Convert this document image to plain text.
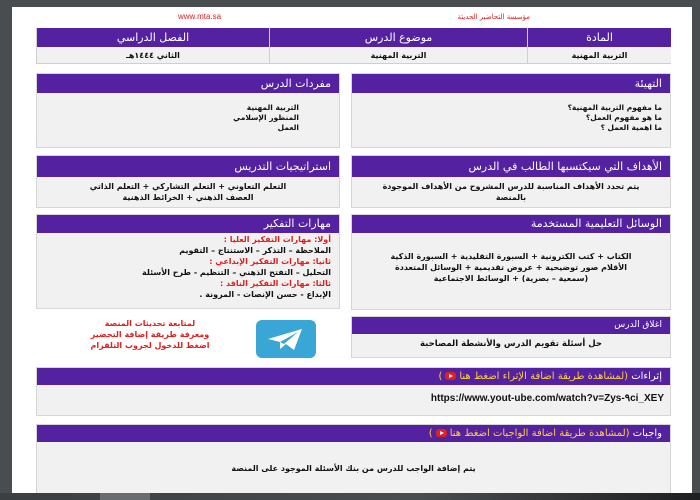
مؤسسة التحاضير الحديثة
www.mta.sa
المادة
موضوع الدرس
الفصل الدراسي
التربية المهنية
التربية المهنية
الثاني ١٤٤٤هـ
التهيئة
ما مفهوم التربية المهنية؟
ما هو مفهوم العمل؟
ما اهمية العمل ؟
مفردات الدرس
التربية المهنية
المنظور الإسلامي
العمل
الأهداف التي سيكتسبها الطالب في الدرس
يتم تحدد الأهداف المناسبة للدرس المشروح من الأهداف الموجودة
بالمنصة
استراتيجيات التدريس
التعلم التعاوني + التعلم التشاركي + التعلم الذاتي
العصف الذهني + الخرائط الذهنية
الوسائل التعليمية المستخدمة
الكتاب + كتب الكترونية + السبورة التقليدية + السبورة الذكية
الأقلام صور توضيحية + عروض تقديمية + الوسائل المتعددة
(سمعية – بصرية) + الوسائط الاجتماعية
مهارات التفكير
أولا: مهارات التفكير العليا :
الملاحظة – التذكر – الاستنتاج – التقويم
ثانيا: مهارات التفكير الإبداعي :
التحليل – التفتح الذهني – التنظيم - طرح الأسئلة
ثالثا: مهارات التفكير الناقد :
الإبداع - حسن الإنصات - المرونة .
لمتابعة تحديثات المنصة
ومعرفة طريقة إضافة التحضير
اضغط للدخول لجروب التلقرام
اغلاق الدرس
حل أسئلة تقويم الدرس والأنشطة المصاحبة
إثراءات (لمشاهدة طريقة اضافة الإثراء اضغط هنا)
https://www.yout-ube.com/watch?v=Zys-٩ci_XEY
واجبات (لمشاهدة طريقة اضافة الواجبات اضغط هنا)
يتم إضافة الواجب للدرس من بنك الأسئلة الموجود على المنصة
